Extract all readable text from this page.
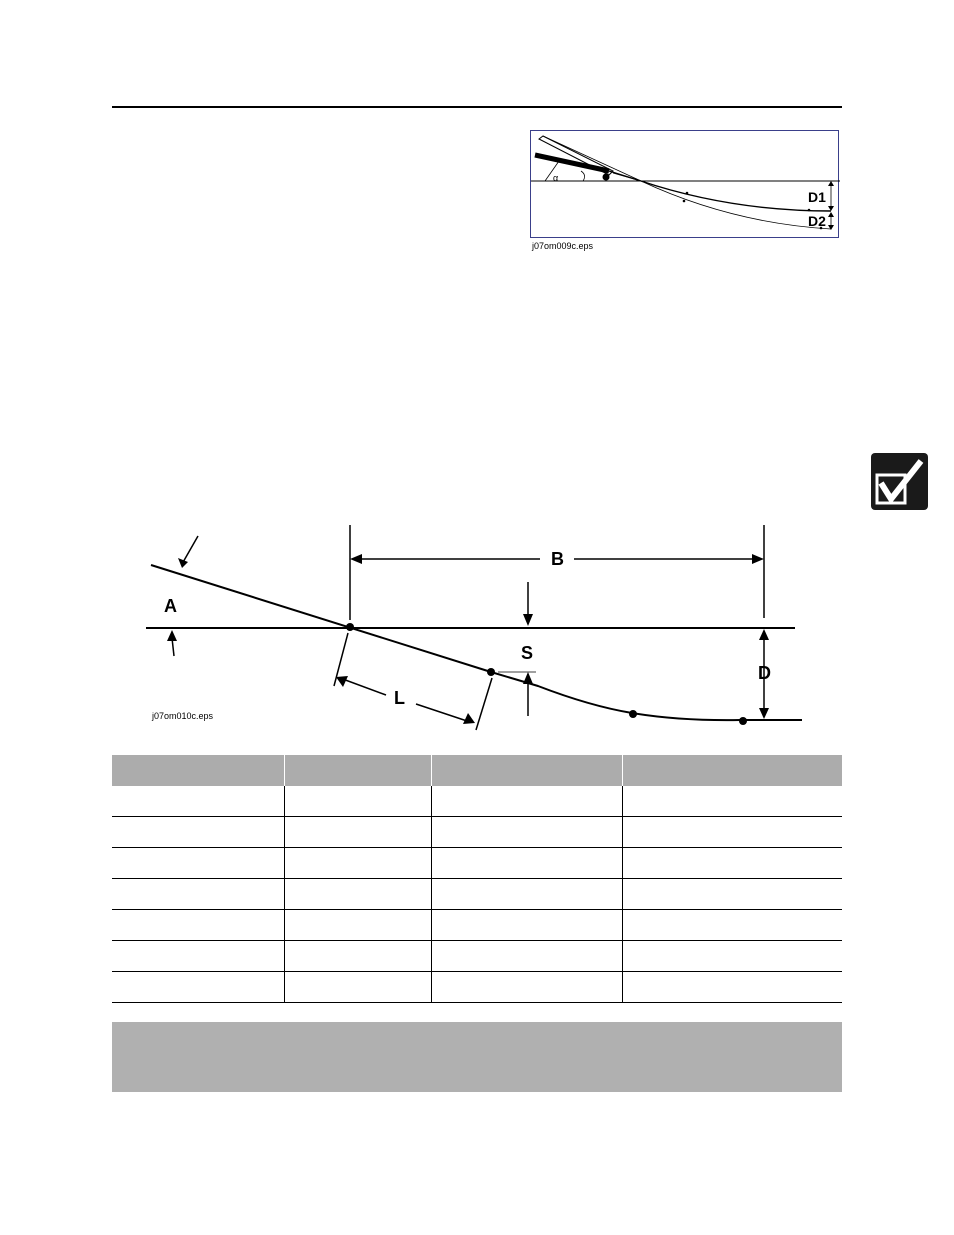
α
D1
D2
j07om009c.eps
A
B
S
D
L
j07om010c.eps
